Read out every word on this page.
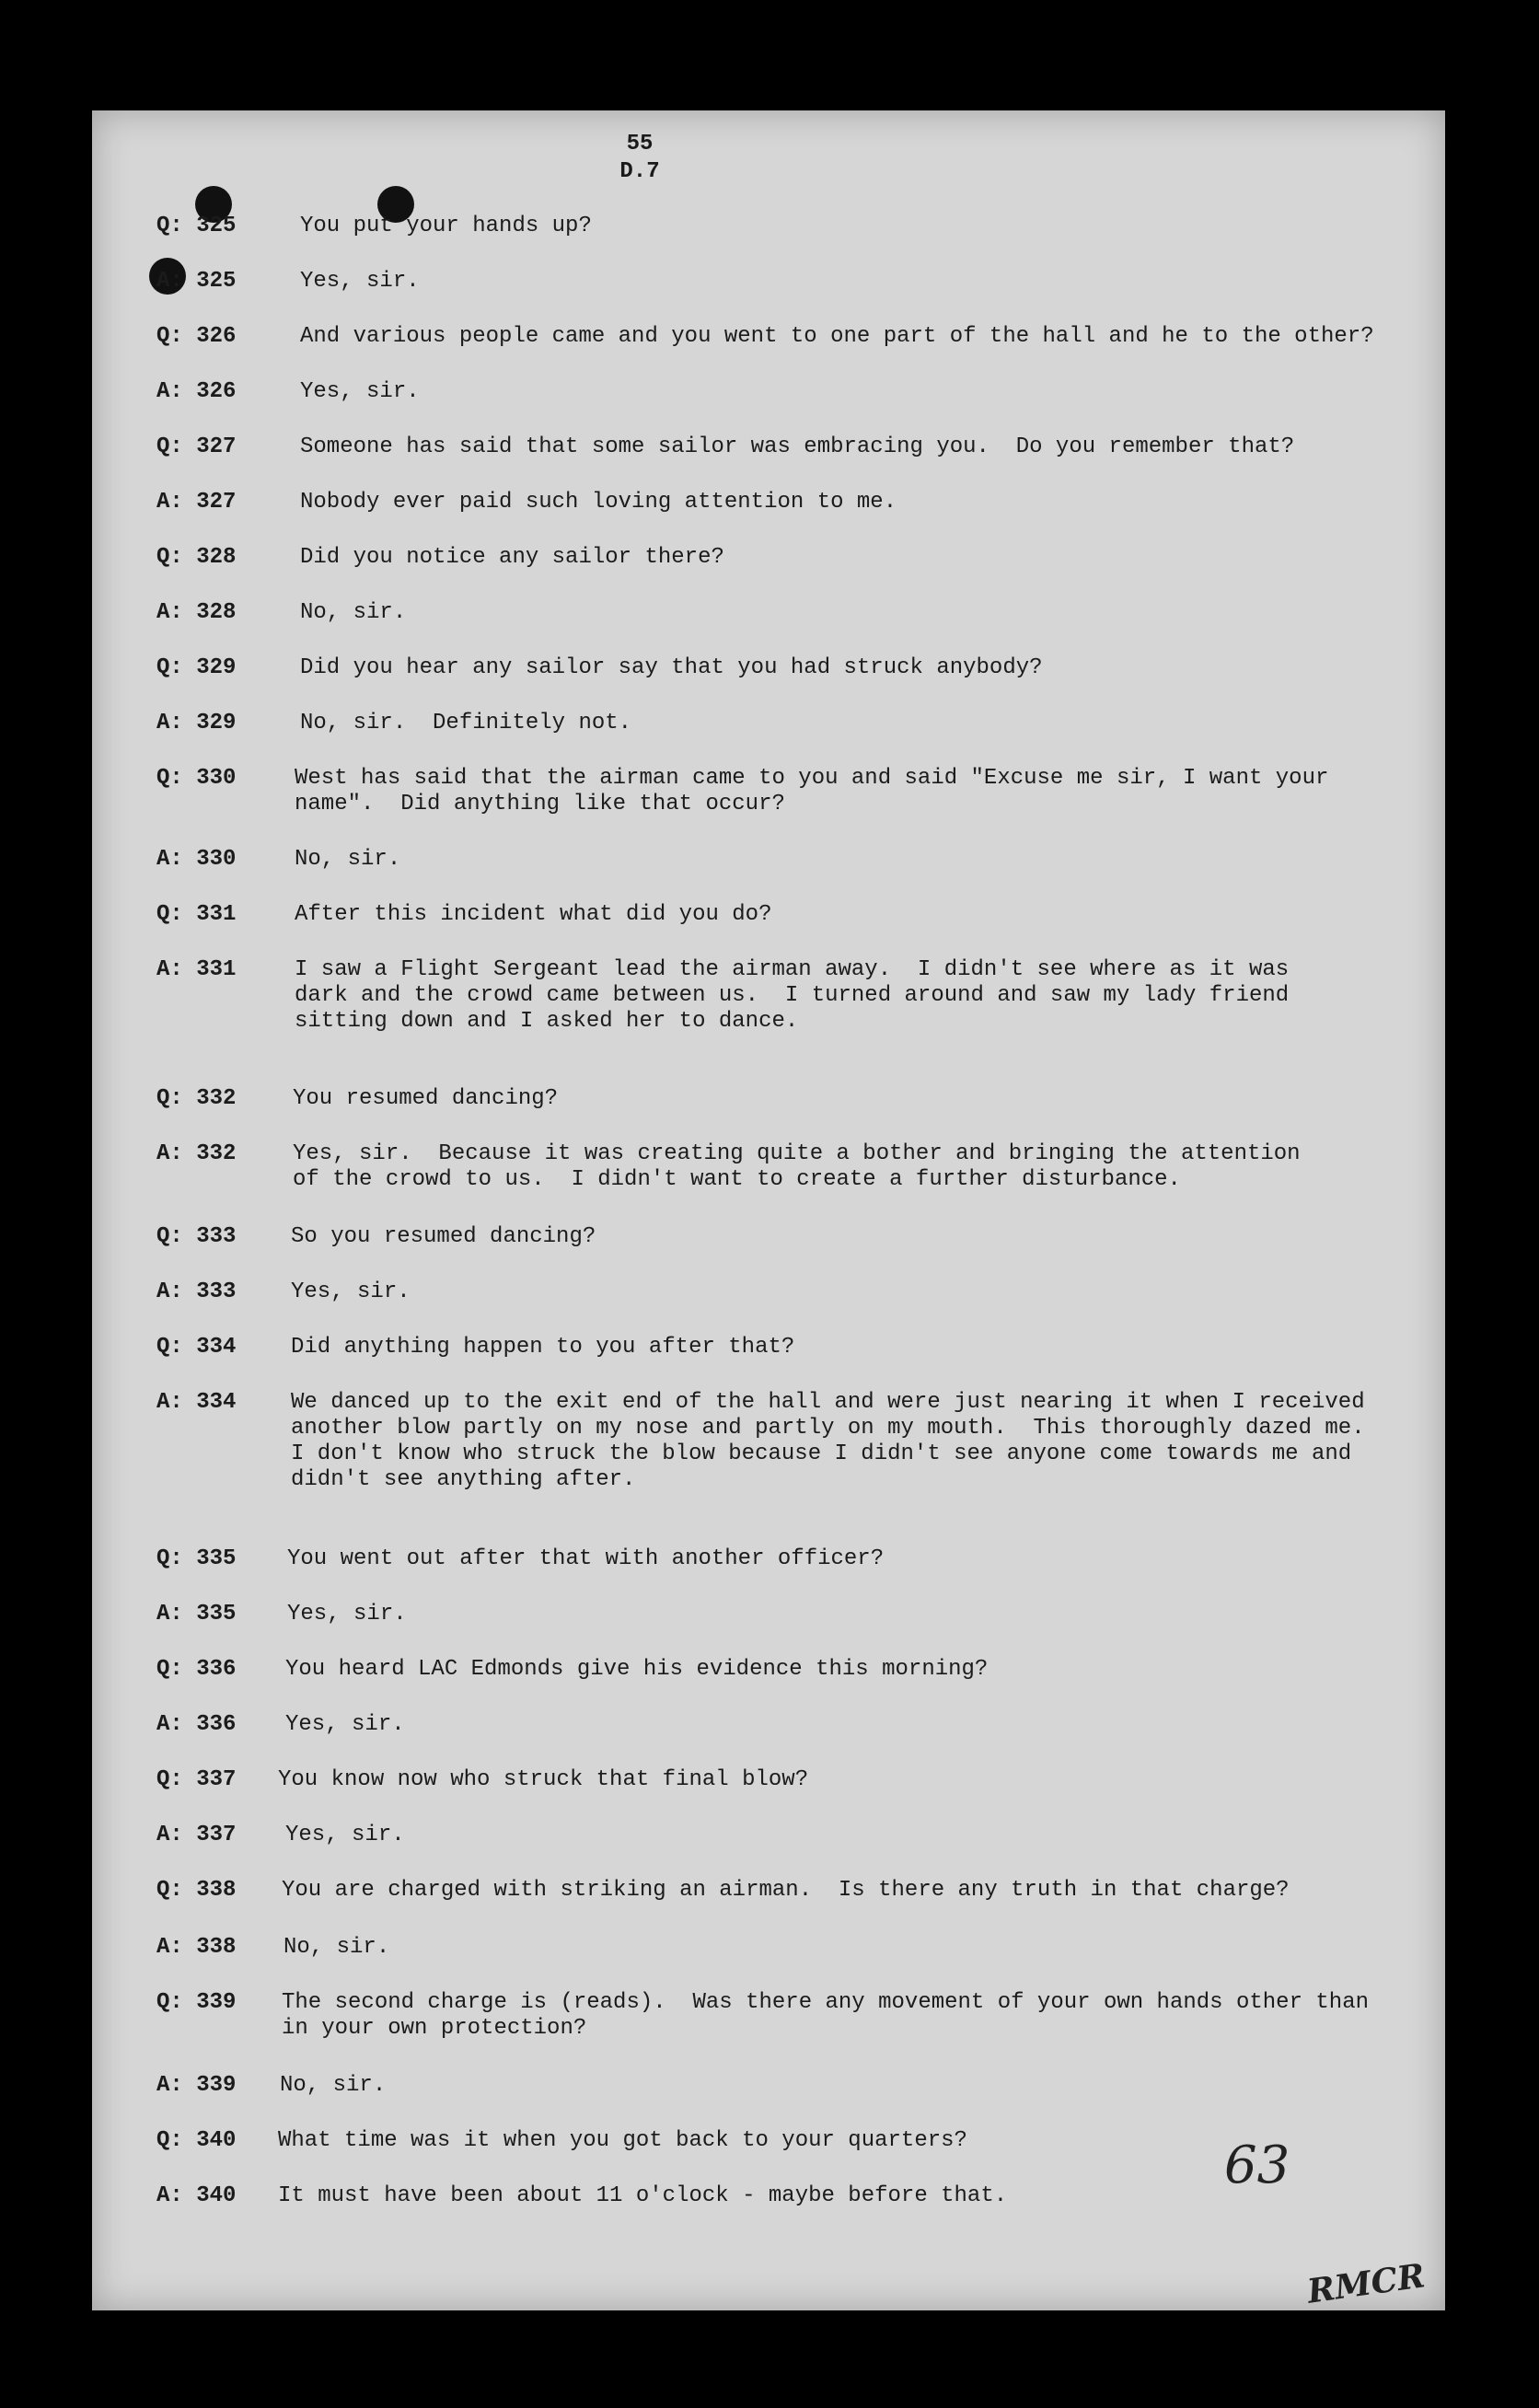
55
D.7
Q: 325	You put your hands up?
A: 325	Yes, sir.
Q: 326	And various people came and you went to one part of the hall and he to the other?
A: 326	Yes, sir.
Q: 327	Someone has said that some sailor was embracing you.  Do you remember that?
A: 327	Nobody ever paid such loving attention to me.
Q: 328	Did you notice any sailor there?
A: 328	No, sir.
Q: 329	Did you hear any sailor say that you had struck anybody?
A: 329	No, sir.  Definitely not.
Q: 330	West has said that the airman came to you and said "Excuse me sir, I want your
name".  Did anything like that occur?
A: 330	No, sir.
Q: 331	After this incident what did you do?
A: 331	I saw a Flight Sergeant lead the airman away.  I didn't see where as it was
dark and the crowd came between us.  I turned around and saw my lady friend
sitting down and I asked her to dance.
Q: 332	You resumed dancing?
A: 332	Yes, sir.  Because it was creating quite a bother and bringing the attention
of the crowd to us.  I didn't want to create a further disturbance.
Q: 333	So you resumed dancing?
A: 333	Yes, sir.
Q: 334	Did anything happen to you after that?
A: 334	We danced up to the exit end of the hall and were just nearing it when I received
another blow partly on my nose and partly on my mouth.  This thoroughly dazed me.
I don't know who struck the blow because I didn't see anyone come towards me and
didn't see anything after.
Q: 335	You went out after that with another officer?
A: 335	Yes, sir.
Q: 336	You heard LAC Edmonds give his evidence this morning?
A: 336	Yes, sir.
Q: 337	You know now who struck that final blow?
A: 337	Yes, sir.
Q: 338	You are charged with striking an airman.  Is there any truth in that charge?
A: 338	No, sir.
Q: 339	The second charge is (reads).  Was there any movement of your own hands other than
in your own protection?
A: 339	No, sir.
Q: 340	What time was it when you got back to your quarters?
A: 340	It must have been about 11 o'clock - maybe before that.
63
RMCR
